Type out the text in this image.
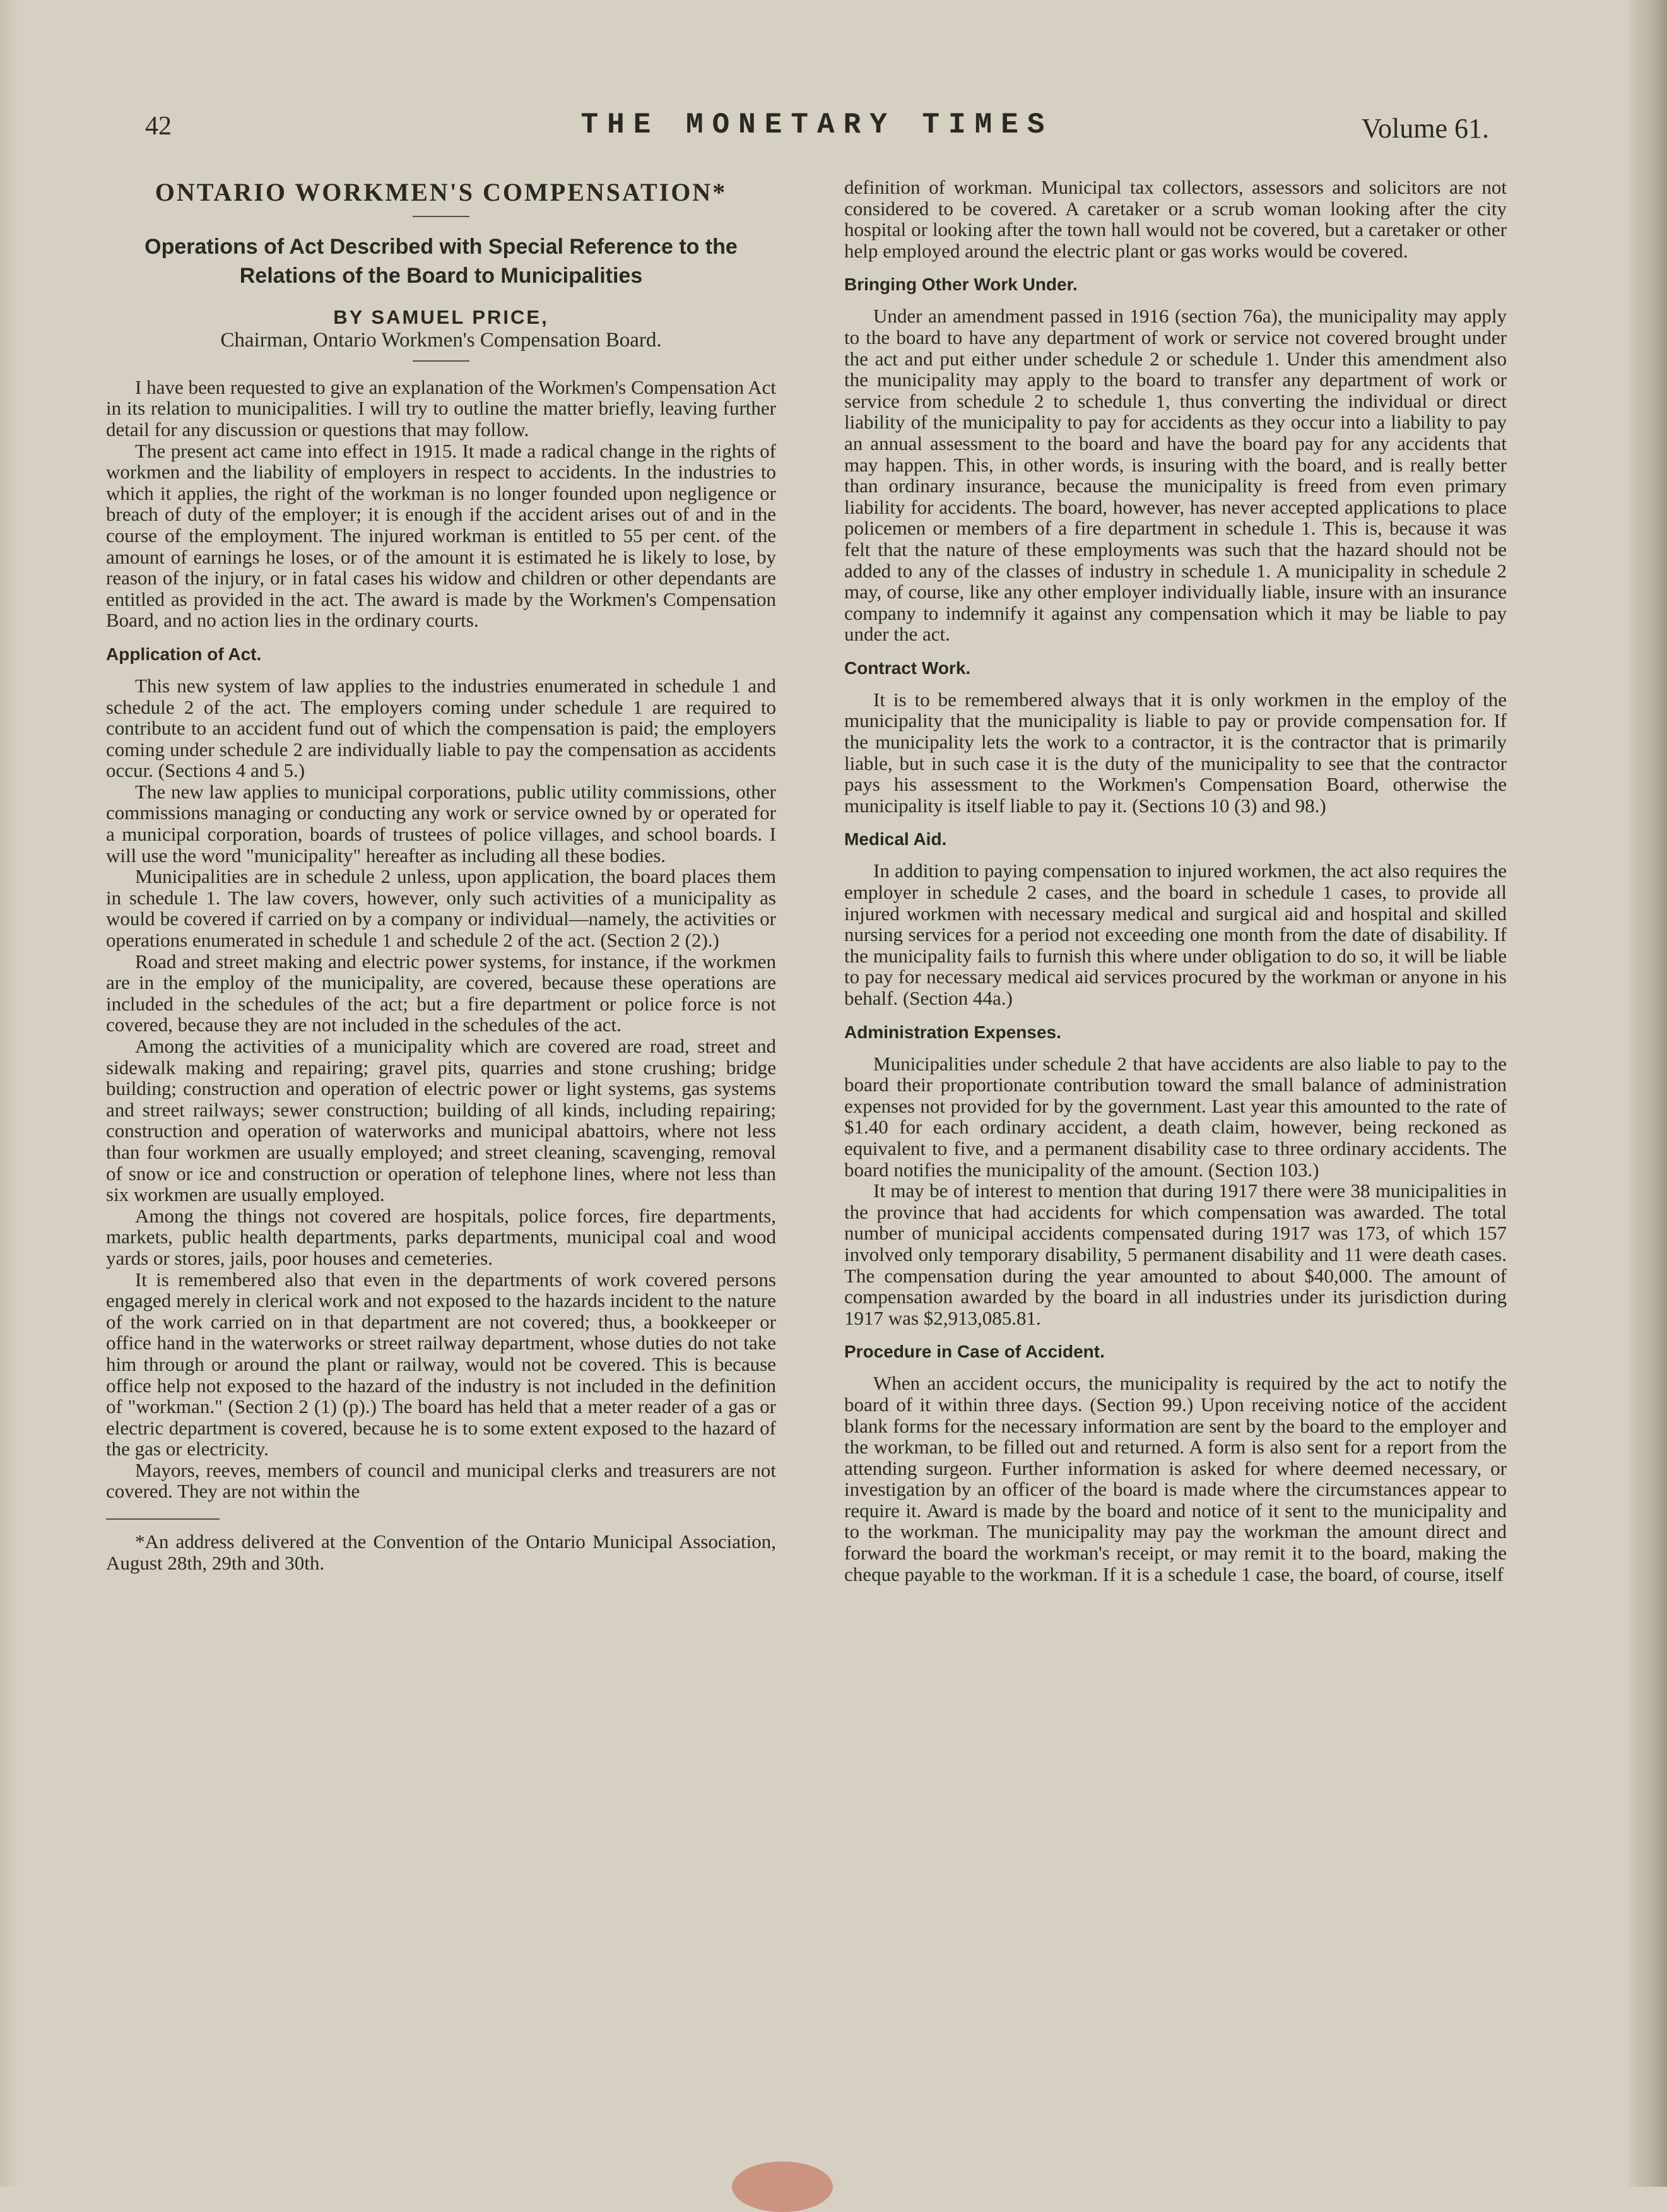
42	THE MONETARY TIMES	Volume 61.
ONTARIO WORKMEN'S COMPENSATION*
Operations of Act Described with Special Reference to the Relations of the Board to Municipalities
BY SAMUEL PRICE,
Chairman, Ontario Workmen's Compensation Board.

I have been requested to give an explanation of the Workmen's Compensation Act in its relation to municipalities. I will try to outline the matter briefly, leaving further detail for any discussion or questions that may follow.

The present act came into effect in 1915. It made a radical change in the rights of workmen and the liability of employers in respect to accidents. In the industries to which it applies, the right of the workman is no longer founded upon negligence or breach of duty of the employer; it is enough if the accident arises out of and in the course of the employment. The injured workman is entitled to 55 per cent. of the amount of earnings he loses, or of the amount it is estimated he is likely to lose, by reason of the injury, or in fatal cases his widow and children or other dependants are entitled as provided in the act. The award is made by the Workmen's Compensation Board, and no action lies in the ordinary courts.

Application of Act.

This new system of law applies to the industries enumerated in schedule 1 and schedule 2 of the act. The employers coming under schedule 1 are required to contribute to an accident fund out of which the compensation is paid; the employers coming under schedule 2 are individually liable to pay the compensation as accidents occur. (Sections 4 and 5.)

The new law applies to municipal corporations, public utility commissions, other commissions managing or conducting any work or service owned by or operated for a municipal corporation, boards of trustees of police villages, and school boards. I will use the word "municipality" hereafter as including all these bodies.

Municipalities are in schedule 2 unless, upon application, the board places them in schedule 1. The law covers, however, only such activities of a municipality as would be covered if carried on by a company or individual—namely, the activities or operations enumerated in schedule 1 and schedule 2 of the act. (Section 2 (2).)

Road and street making and electric power systems, for instance, if the workmen are in the employ of the municipality, are covered, because these operations are included in the schedules of the act; but a fire department or police force is not covered, because they are not included in the schedules of the act.

Among the activities of a municipality which are covered are road, street and sidewalk making and repairing; gravel pits, quarries and stone crushing; bridge building; construction and operation of electric power or light systems, gas systems and street railways; sewer construction; building of all kinds, including repairing; construction and operation of waterworks and municipal abattoirs, where not less than four workmen are usually employed; and street cleaning, scavenging, removal of snow or ice and construction or operation of telephone lines, where not less than six workmen are usually employed.

Among the things not covered are hospitals, police forces, fire departments, markets, public health departments, parks departments, municipal coal and wood yards or stores, jails, poor houses and cemeteries.

It is remembered also that even in the departments of work covered persons engaged merely in clerical work and not exposed to the hazards incident to the nature of the work carried on in that department are not covered; thus, a bookkeeper or office hand in the waterworks or street railway department, whose duties do not take him through or around the plant or railway, would not be covered. This is because office help not exposed to the hazard of the industry is not included in the definition of "workman." (Section 2 (1) (p).) The board has held that a meter reader of a gas or electric department is covered, because he is to some extent exposed to the hazard of the gas or electricity.

Mayors, reeves, members of council and municipal clerks and treasurers are not covered. They are not within the

*An address delivered at the Convention of the Ontario Municipal Association, August 28th, 29th and 30th.

definition of workman. Municipal tax collectors, assessors and solicitors are not considered to be covered. A caretaker or a scrub woman looking after the city hospital or looking after the town hall would not be covered, but a caretaker or other help employed around the electric plant or gas works would be covered.

Bringing Other Work Under.

Under an amendment passed in 1916 (section 76a), the municipality may apply to the board to have any department of work or service not covered brought under the act and put either under schedule 2 or schedule 1. Under this amendment also the municipality may apply to the board to transfer any department of work or service from schedule 2 to schedule 1, thus converting the individual or direct liability of the municipality to pay for accidents as they occur into a liability to pay an annual assessment to the board and have the board pay for any accidents that may happen. This, in other words, is insuring with the board, and is really better than ordinary insurance, because the municipality is freed from even primary liability for accidents. The board, however, has never accepted applications to place policemen or members of a fire department in schedule 1. This is, because it was felt that the nature of these employments was such that the hazard should not be added to any of the classes of industry in schedule 1. A municipality in schedule 2 may, of course, like any other employer individually liable, insure with an insurance company to indemnify it against any compensation which it may be liable to pay under the act.

Contract Work.

It is to be remembered always that it is only workmen in the employ of the municipality that the municipality is liable to pay or provide compensation for. If the municipality lets the work to a contractor, it is the contractor that is primarily liable, but in such case it is the duty of the municipality to see that the contractor pays his assessment to the Workmen's Compensation Board, otherwise the municipality is itself liable to pay it. (Sections 10 (3) and 98.)

Medical Aid.

In addition to paying compensation to injured workmen, the act also requires the employer in schedule 2 cases, and the board in schedule 1 cases, to provide all injured workmen with necessary medical and surgical aid and hospital and skilled nursing services for a period not exceeding one month from the date of disability. If the municipality fails to furnish this where under obligation to do so, it will be liable to pay for necessary medical aid services procured by the workman or anyone in his behalf. (Section 44a.)

Administration Expenses.

Municipalities under schedule 2 that have accidents are also liable to pay to the board their proportionate contribution toward the small balance of administration expenses not provided for by the government. Last year this amounted to the rate of $1.40 for each ordinary accident, a death claim, however, being reckoned as equivalent to five, and a permanent disability case to three ordinary accidents. The board notifies the municipality of the amount. (Section 103.)

It may be of interest to mention that during 1917 there were 38 municipalities in the province that had accidents for which compensation was awarded. The total number of municipal accidents compensated during 1917 was 173, of which 157 involved only temporary disability, 5 permanent disability and 11 were death cases. The compensation during the year amounted to about $40,000. The amount of compensation awarded by the board in all industries under its jurisdiction during 1917 was $2,913,085.81.

Procedure in Case of Accident.

When an accident occurs, the municipality is required by the act to notify the board of it within three days. (Section 99.) Upon receiving notice of the accident blank forms for the necessary information are sent by the board to the employer and the workman, to be filled out and returned. A form is also sent for a report from the attending surgeon. Further information is asked for where deemed necessary, or investigation by an officer of the board is made where the circumstances appear to require it. Award is made by the board and notice of it sent to the municipality and to the workman. The municipality may pay the workman the amount direct and forward the board the workman's receipt, or may remit it to the board, making the cheque payable to the workman. If it is a schedule 1 case, the board, of course, itself
